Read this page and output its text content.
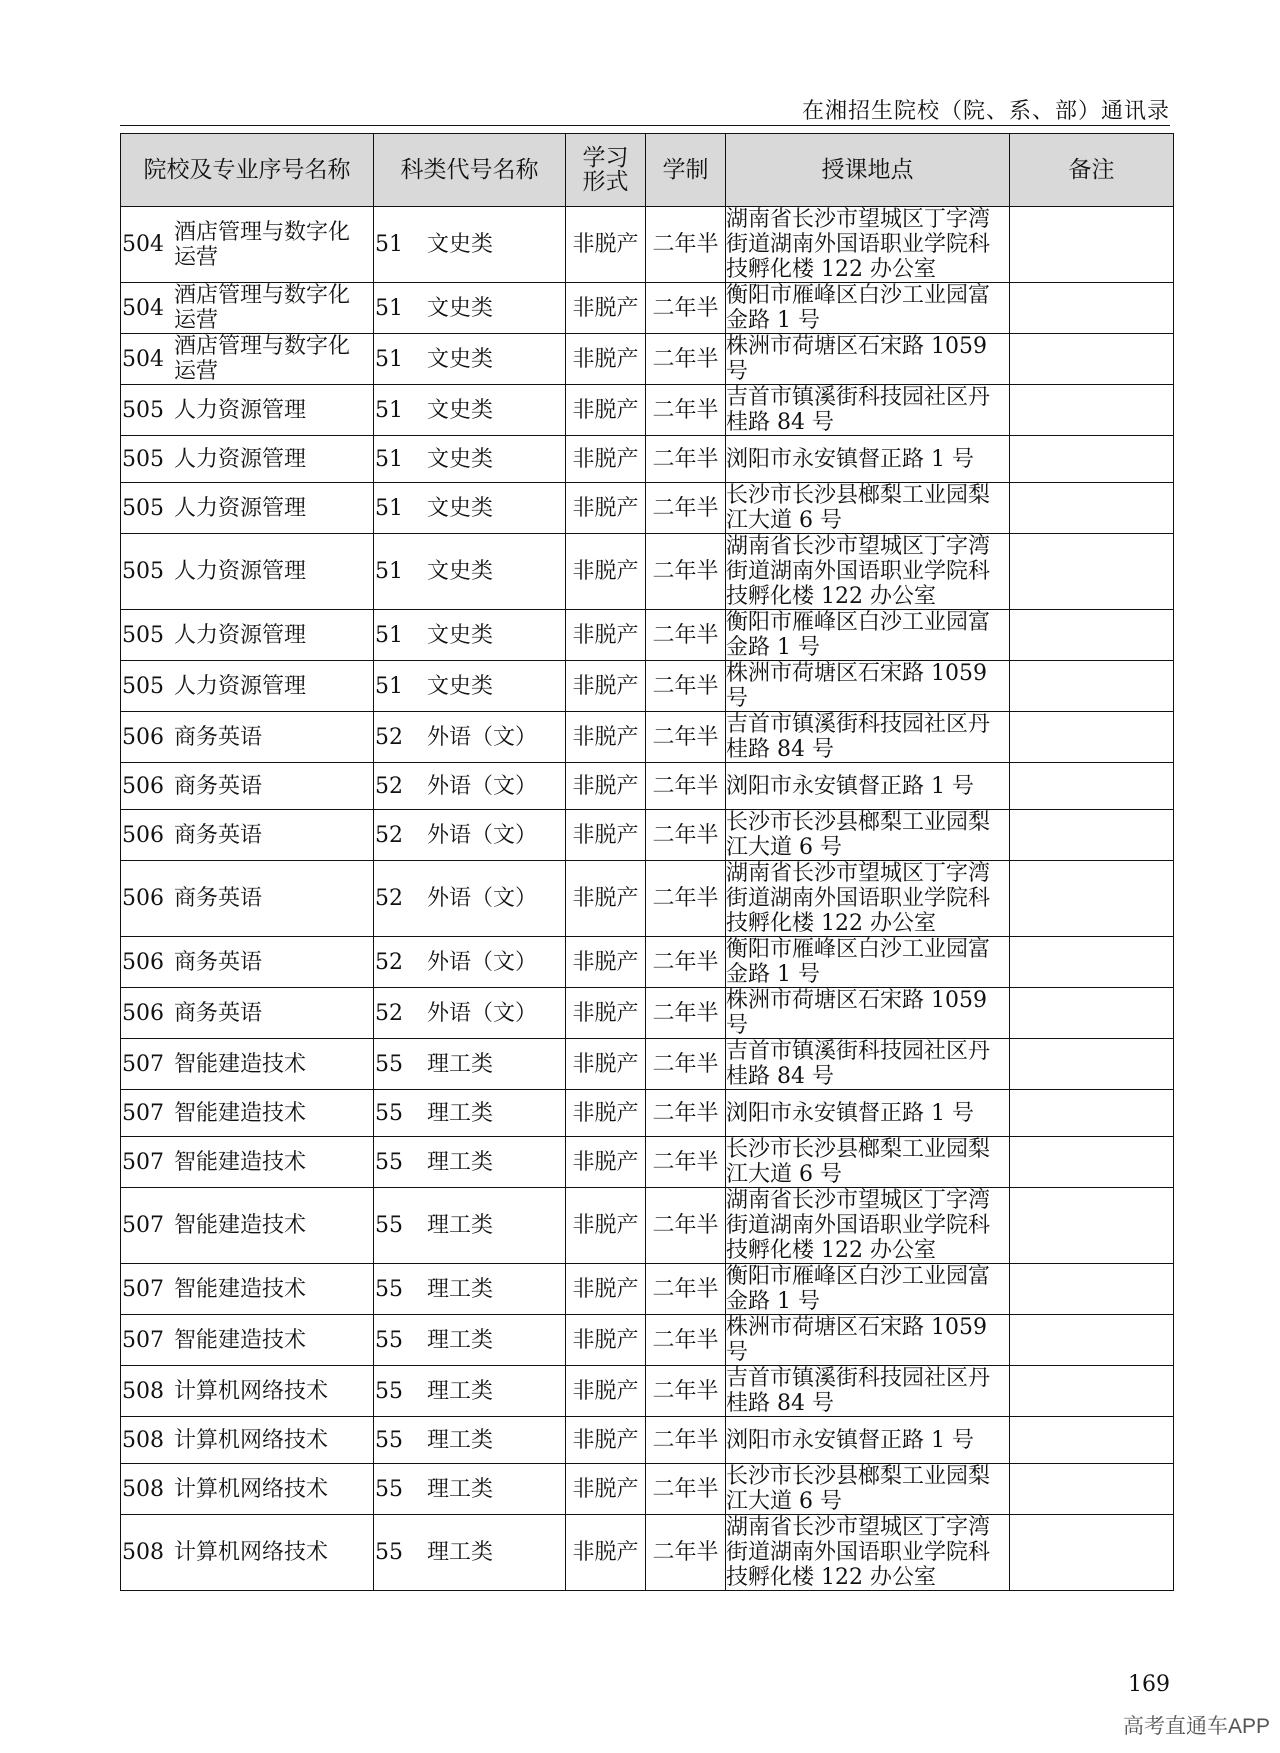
在湘招生院校（院、系、部）通讯录
院校及专业序号名称	科类代号名称	学习形式	学制	授课地点	备注

504 酒店管理与数字化运营	51 文史类	非脱产	二年半	湖南省长沙市望城区丁字湾街道湖南外国语职业学院科技孵化楼 122 办公室	

504 酒店管理与数字化运营	51 文史类	非脱产	二年半	衡阳市雁峰区白沙工业园富金路 1 号	

504 酒店管理与数字化运营	51 文史类	非脱产	二年半	株洲市荷塘区石宋路 1059 号	

505 人力资源管理	51 文史类	非脱产	二年半	吉首市镇溪街科技园社区丹桂路 84 号	

505 人力资源管理	51 文史类	非脱产	二年半	浏阳市永安镇督正路 1 号	

505 人力资源管理	51 文史类	非脱产	二年半	长沙市长沙县榔梨工业园梨江大道 6 号	

505 人力资源管理	51 文史类	非脱产	二年半	湖南省长沙市望城区丁字湾街道湖南外国语职业学院科技孵化楼 122 办公室	

505 人力资源管理	51 文史类	非脱产	二年半	衡阳市雁峰区白沙工业园富金路 1 号	

505 人力资源管理	51 文史类	非脱产	二年半	株洲市荷塘区石宋路 1059 号	

506 商务英语	52 外语（文）	非脱产	二年半	吉首市镇溪街科技园社区丹桂路 84 号	

506 商务英语	52 外语（文）	非脱产	二年半	浏阳市永安镇督正路 1 号	

506 商务英语	52 外语（文）	非脱产	二年半	长沙市长沙县榔梨工业园梨江大道 6 号	

506 商务英语	52 外语（文）	非脱产	二年半	湖南省长沙市望城区丁字湾街道湖南外国语职业学院科技孵化楼 122 办公室	

506 商务英语	52 外语（文）	非脱产	二年半	衡阳市雁峰区白沙工业园富金路 1 号	

506 商务英语	52 外语（文）	非脱产	二年半	株洲市荷塘区石宋路 1059 号	

507 智能建造技术	55 理工类	非脱产	二年半	吉首市镇溪街科技园社区丹桂路 84 号	

507 智能建造技术	55 理工类	非脱产	二年半	浏阳市永安镇督正路 1 号	

507 智能建造技术	55 理工类	非脱产	二年半	长沙市长沙县榔梨工业园梨江大道 6 号	

507 智能建造技术	55 理工类	非脱产	二年半	湖南省长沙市望城区丁字湾街道湖南外国语职业学院科技孵化楼 122 办公室	

507 智能建造技术	55 理工类	非脱产	二年半	衡阳市雁峰区白沙工业园富金路 1 号	

507 智能建造技术	55 理工类	非脱产	二年半	株洲市荷塘区石宋路 1059 号	

508 计算机网络技术	55 理工类	非脱产	二年半	吉首市镇溪街科技园社区丹桂路 84 号	

508 计算机网络技术	55 理工类	非脱产	二年半	浏阳市永安镇督正路 1 号	

508 计算机网络技术	55 理工类	非脱产	二年半	长沙市长沙县榔梨工业园梨江大道 6 号	

508 计算机网络技术	55 理工类	非脱产	二年半	湖南省长沙市望城区丁字湾街道湖南外国语职业学院科技孵化楼 122 办公室	
169
高考直通车APP
